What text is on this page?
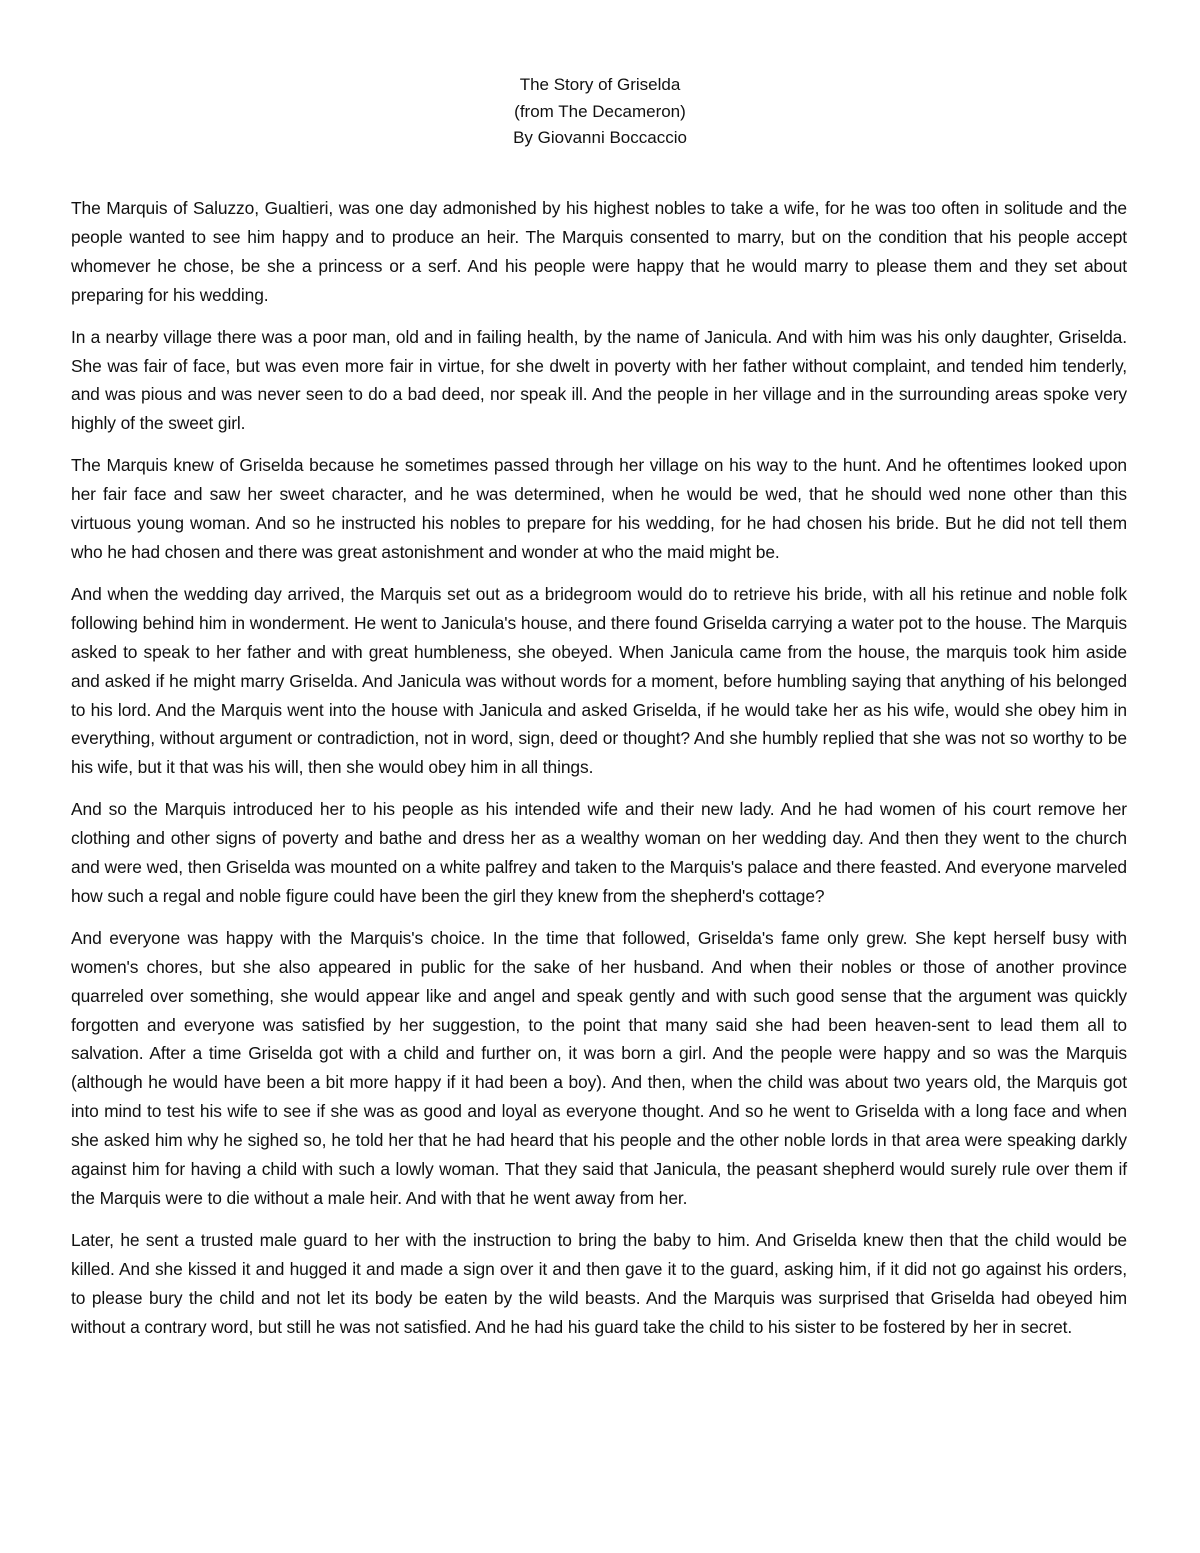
The Story of Griselda
(from The Decameron)
By Giovanni Boccaccio

The Marquis of Saluzzo, Gualtieri, was one day admonished by his highest nobles to take a wife, for he was too often in solitude and the people wanted to see him happy and to produce an heir. The Marquis consented to marry, but on the condition that his people accept whomever he chose, be she a princess or a serf. And his people were happy that he would marry to please them and they set about preparing for his wedding.

In a nearby village there was a poor man, old and in failing health, by the name of Janicula. And with him was his only daughter, Griselda. She was fair of face, but was even more fair in virtue, for she dwelt in poverty with her father without complaint, and tended him tenderly, and was pious and was never seen to do a bad deed, nor speak ill. And the people in her village and in the surrounding areas spoke very highly of the sweet girl.

The Marquis knew of Griselda because he sometimes passed through her village on his way to the hunt. And he oftentimes looked upon her fair face and saw her sweet character, and he was determined, when he would be wed, that he should wed none other than this virtuous young woman. And so he instructed his nobles to prepare for his wedding, for he had chosen his bride. But he did not tell them who he had chosen and there was great astonishment and wonder at who the maid might be.

And when the wedding day arrived, the Marquis set out as a bridegroom would do to retrieve his bride, with all his retinue and noble folk following behind him in wonderment. He went to Janicula's house, and there found Griselda carrying a water pot to the house. The Marquis asked to speak to her father and with great humbleness, she obeyed. When Janicula came from the house, the marquis took him aside and asked if he might marry Griselda. And Janicula was without words for a moment, before humbling saying that anything of his belonged to his lord. And the Marquis went into the house with Janicula and asked Griselda, if he would take her as his wife, would she obey him in everything, without argument or contradiction, not in word, sign, deed or thought? And she humbly replied that she was not so worthy to be his wife, but it that was his will, then she would obey him in all things.

And so the Marquis introduced her to his people as his intended wife and their new lady. And he had women of his court remove her clothing and other signs of poverty and bathe and dress her as a wealthy woman on her wedding day. And then they went to the church and were wed, then Griselda was mounted on a white palfrey and taken to the Marquis's palace and there feasted. And everyone marveled how such a regal and noble figure could have been the girl they knew from the shepherd's cottage?

And everyone was happy with the Marquis's choice. In the time that followed, Griselda's fame only grew. She kept herself busy with women's chores, but she also appeared in public for the sake of her husband. And when their nobles or those of another province quarreled over something, she would appear like and angel and speak gently and with such good sense that the argument was quickly forgotten and everyone was satisfied by her suggestion, to the point that many said she had been heaven-sent to lead them all to salvation. After a time Griselda got with a child and further on, it was born a girl. And the people were happy and so was the Marquis (although he would have been a bit more happy if it had been a boy). And then, when the child was about two years old, the Marquis got into mind to test his wife to see if she was as good and loyal as everyone thought. And so he went to Griselda with a long face and when she asked him why he sighed so, he told her that he had heard that his people and the other noble lords in that area were speaking darkly against him for having a child with such a lowly woman. That they said that Janicula, the peasant shepherd would surely rule over them if the Marquis were to die without a male heir. And with that he went away from her.

Later, he sent a trusted male guard to her with the instruction to bring the baby to him. And Griselda knew then that the child would be killed. And she kissed it and hugged it and made a sign over it and then gave it to the guard, asking him, if it did not go against his orders, to please bury the child and not let its body be eaten by the wild beasts. And the Marquis was surprised that Griselda had obeyed him without a contrary word, but still he was not satisfied. And he had his guard take the child to his sister to be fostered by her in secret.
